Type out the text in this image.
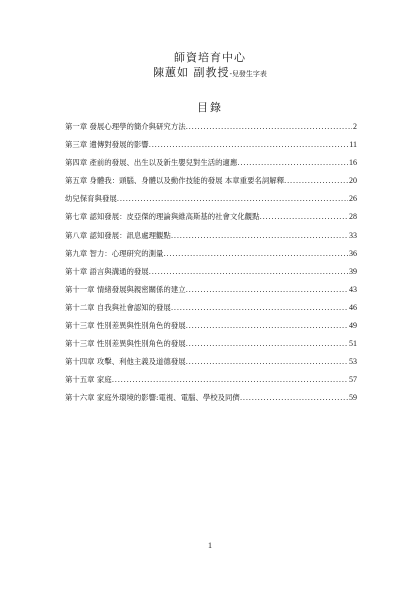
師資培育中心
陳蕙如 副教授-兒發生字表
目錄
第一章 發展心理學的簡介與研究方法 .....	2
第三章 遺傳對發展的影響 .....	11
第四章 產前的發展、出生以及新生嬰兒對生活的適應 .....	16
第五章 身體我：頭腦、身體以及動作技能的發展 本章重要名詞解釋 .....	20
幼兒保育與發展 .....	26
第七章 認知發展：皮亞傑的理論與維高斯基的社會文化觀點 .....	28
第八章 認知發展：訊息處理觀點 .....	33
第九章 智力：心理研究的測量 .....	36
第十章 語言與溝通的發展 .....	39
第十一章 情緒發展與親密關係的建立 .....	43
第十二章 自我與社會認知的發展 .....	46
第十三章 性別差異與性別角色的發展 .....	49
第十三章 性別差異與性別角色的發展 .....	51
第十四章 攻擊、利他主義及道德發展 .....	53
第十五章 家庭 .....	57
第十六章 家庭外環境的影響:電視、電腦、學校及同儕 .....	59
1
